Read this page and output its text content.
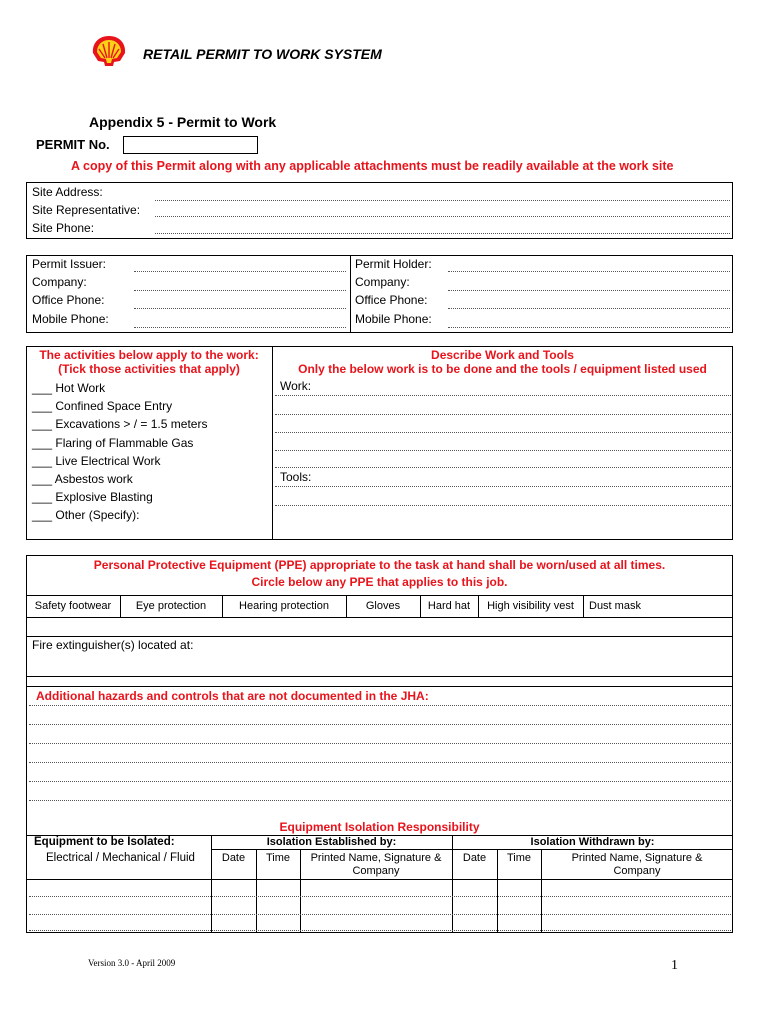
RETAIL PERMIT TO WORK SYSTEM
Appendix 5 - Permit to Work
PERMIT No.
A copy of this Permit along with any applicable attachments must be readily available at the work site
Site Address:
Site Representative:
Site Phone:
Permit Issuer:
Company:
Office Phone:
Mobile Phone:
Permit Holder:
Company:
Office Phone:
Mobile Phone:
The activities below apply to the work:
(Tick those activities that apply)
Describe Work and Tools
Only the below work is to be done and the tools / equipment listed used
___ Hot Work
___ Confined Space Entry
___ Excavations > / = 1.5 meters
___ Flaring of Flammable Gas
___ Live Electrical Work
___ Asbestos work
___ Explosive Blasting
___ Other (Specify):
Work:
Tools:
Personal Protective Equipment (PPE) appropriate to the task at hand shall be worn/used at all times.
Circle below any PPE that applies to this job.
Safety footwear	Eye protection	Hearing protection	Gloves	Hard hat	High visibility vest	Dust mask
Fire extinguisher(s) located at:
Additional hazards and controls that are not documented in the JHA:
Equipment Isolation Responsibility
Equipment to be Isolated:
Electrical / Mechanical / Fluid
Isolation Established by:	Isolation Withdrawn by:
Date	Time	Printed Name, Signature & Company
Date	Time	Printed Name, Signature & Company
Version 3.0 - April 2009	1
